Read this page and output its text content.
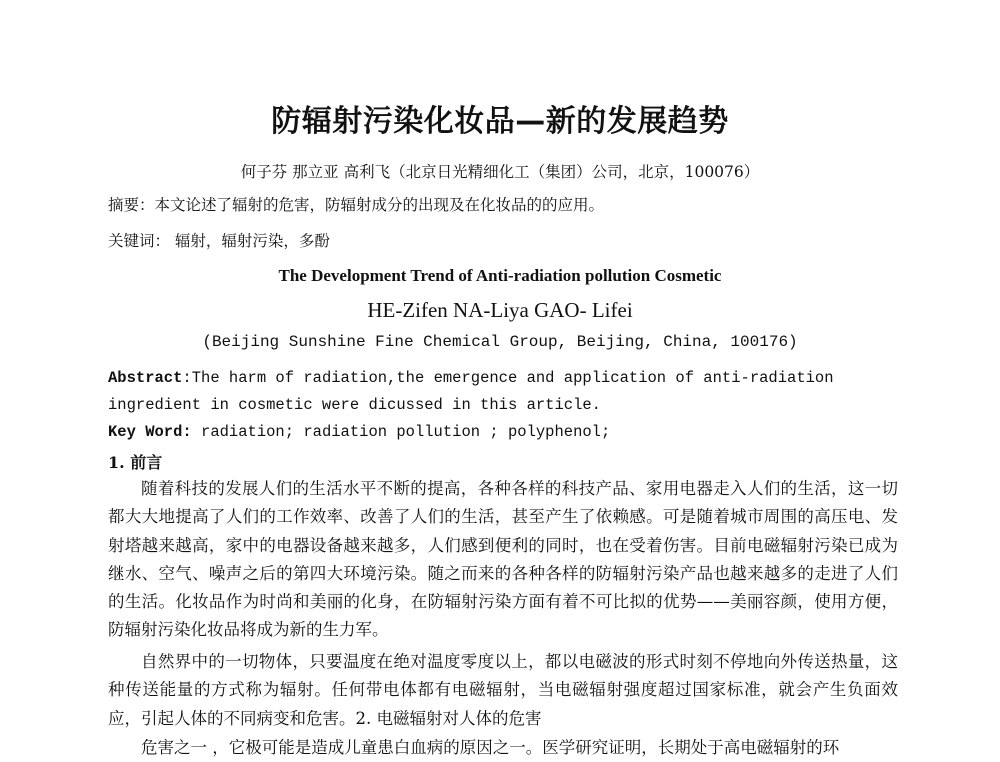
防辐射污染化妆品—新的发展趋势
何子芬 那立亚 高利飞（北京日光精细化工（集团）公司，北京，100076）
摘要：本文论述了辐射的危害，防辐射成分的出现及在化妆品的的应用。
关键词： 辐射，辐射污染，多酚
The Development Trend of Anti-radiation pollution Cosmetic
HE-Zifen NA-Liya GAO- Lifei
(Beijing Sunshine Fine Chemical Group, Beijing, China, 100176)
Abstract:The harm of radiation,the emergence and application of anti-radiation ingredient in cosmetic were dicussed in this article.
Key Word: radiation; radiation pollution ; polyphenol;
1. 前言
随着科技的发展人们的生活水平不断的提高，各种各样的科技产品、家用电器走入人们的生活，这一切都大大地提高了人们的工作效率、改善了人们的生活，甚至产生了依赖感。可是随着城市周围的高压电、发射塔越来越高，家中的电器设备越来越多，人们感到便利的同时，也在受着伤害。目前电磁辐射污染已成为继水、空气、噪声之后的第四大环境污染。随之而来的各种各样的防辐射污染产品也越来越多的走进了人们的生活。化妆品作为时尚和美丽的化身，在防辐射污染方面有着不可比拟的优势——美丽容颜，使用方便，防辐射污染化妆品将成为新的生力军。
自然界中的一切物体，只要温度在绝对温度零度以上，都以电磁波的形式时刻不停地向外传送热量，这种传送能量的方式称为辐射。任何带电体都有电磁辐射，当电磁辐射强度超过国家标准，就会产生负面效应，引起人体的不同病变和危害。2. 电磁辐射对人体的危害
危害之一 ，它极可能是造成儿童患白血病的原因之一。医学研究证明，长期处于高电磁辐射的环
